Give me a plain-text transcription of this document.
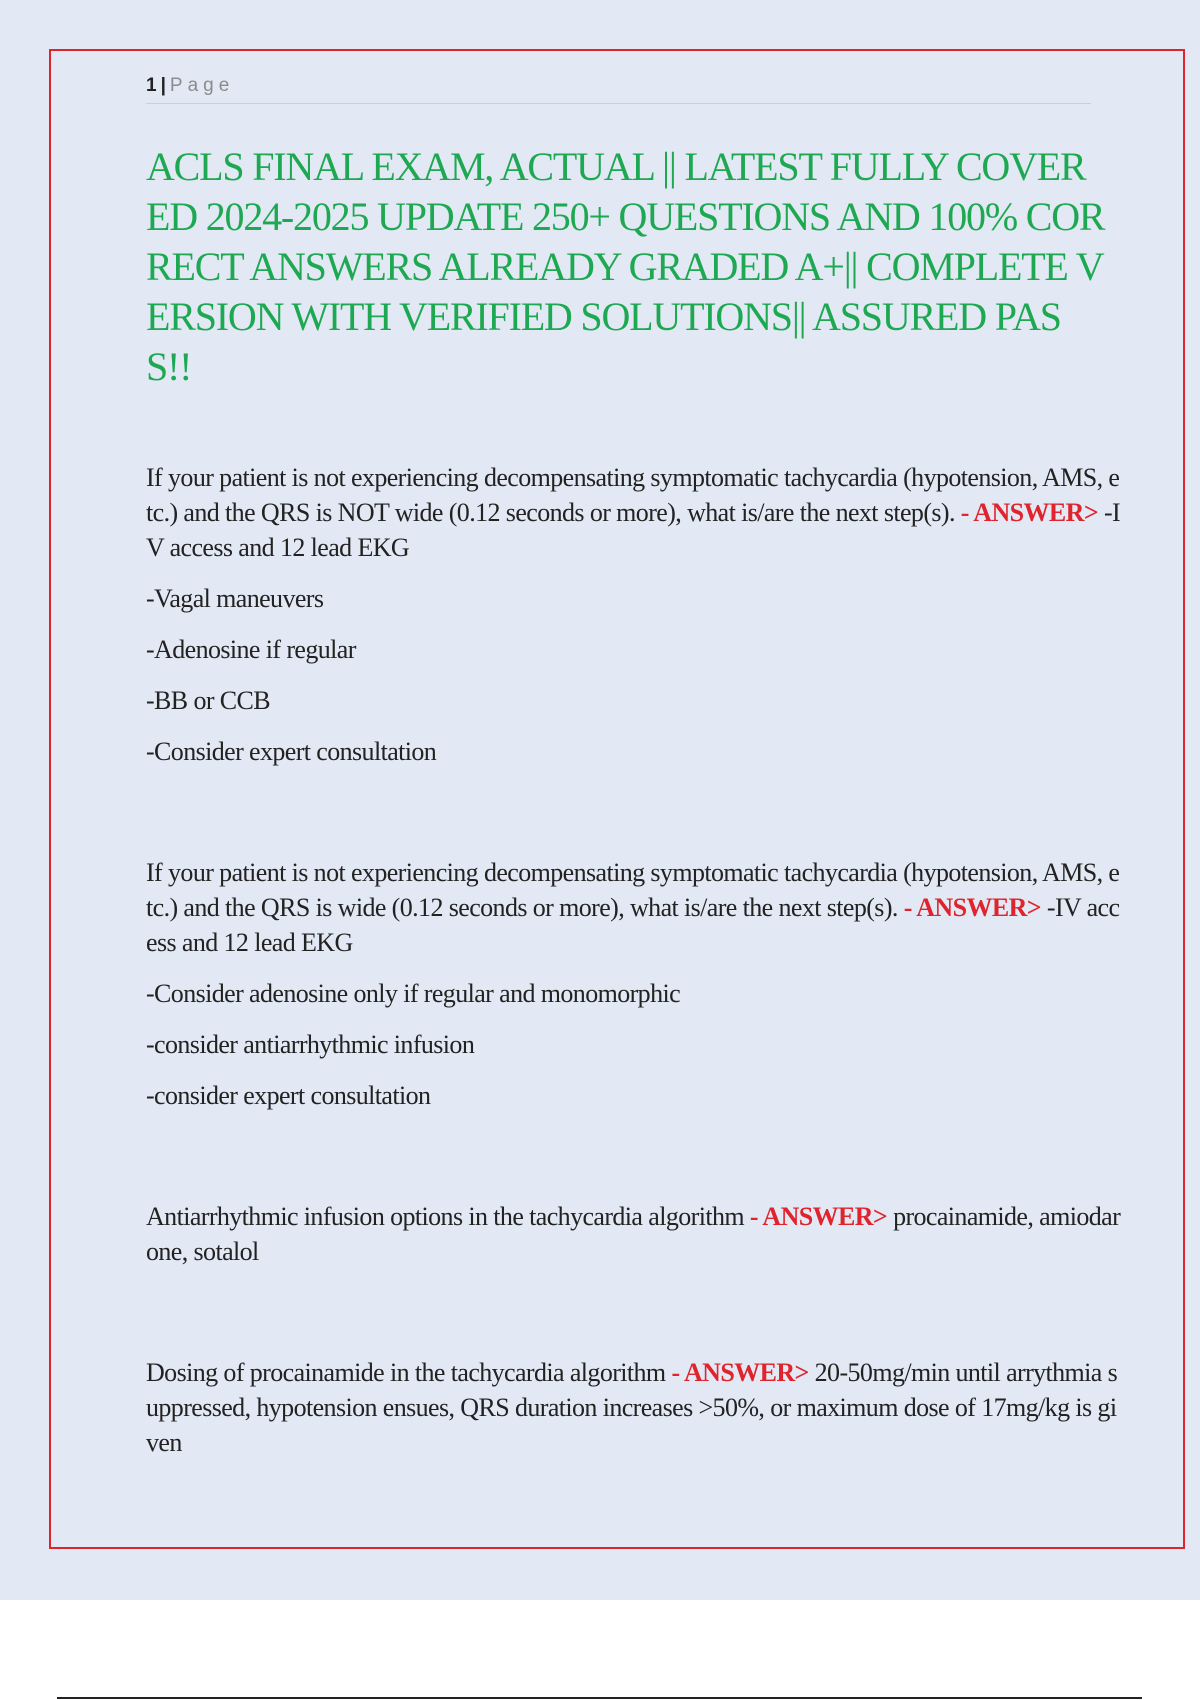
1 | Page
ACLS FINAL EXAM, ACTUAL || LATEST FULLY COVERED 2024-2025 UPDATE 250+ QUESTIONS AND 100% CORRECT ANSWERS ALREADY GRADED A+|| COMPLETE VERSION WITH VERIFIED SOLUTIONS|| ASSURED PASS!!

If your patient is not experiencing decompensating symptomatic tachycardia (hypotension, AMS, etc.) and the QRS is NOT wide (0.12 seconds or more), what is/are the next step(s). - ANSWER> -IV access and 12 lead EKG

-Vagal maneuvers

-Adenosine if regular

-BB or CCB

-Consider expert consultation

If your patient is not experiencing decompensating symptomatic tachycardia (hypotension, AMS, etc.) and the QRS is wide (0.12 seconds or more), what is/are the next step(s). - ANSWER> -IV access and 12 lead EKG

-Consider adenosine only if regular and monomorphic

-consider antiarrhythmic infusion

-consider expert consultation

Antiarrhythmic infusion options in the tachycardia algorithm - ANSWER> procainamide, amiodarone, sotalol

Dosing of procainamide in the tachycardia algorithm - ANSWER> 20-50mg/min until arrythmia suppressed, hypotension ensues, QRS duration increases >50%, or maximum dose of 17mg/kg is given
